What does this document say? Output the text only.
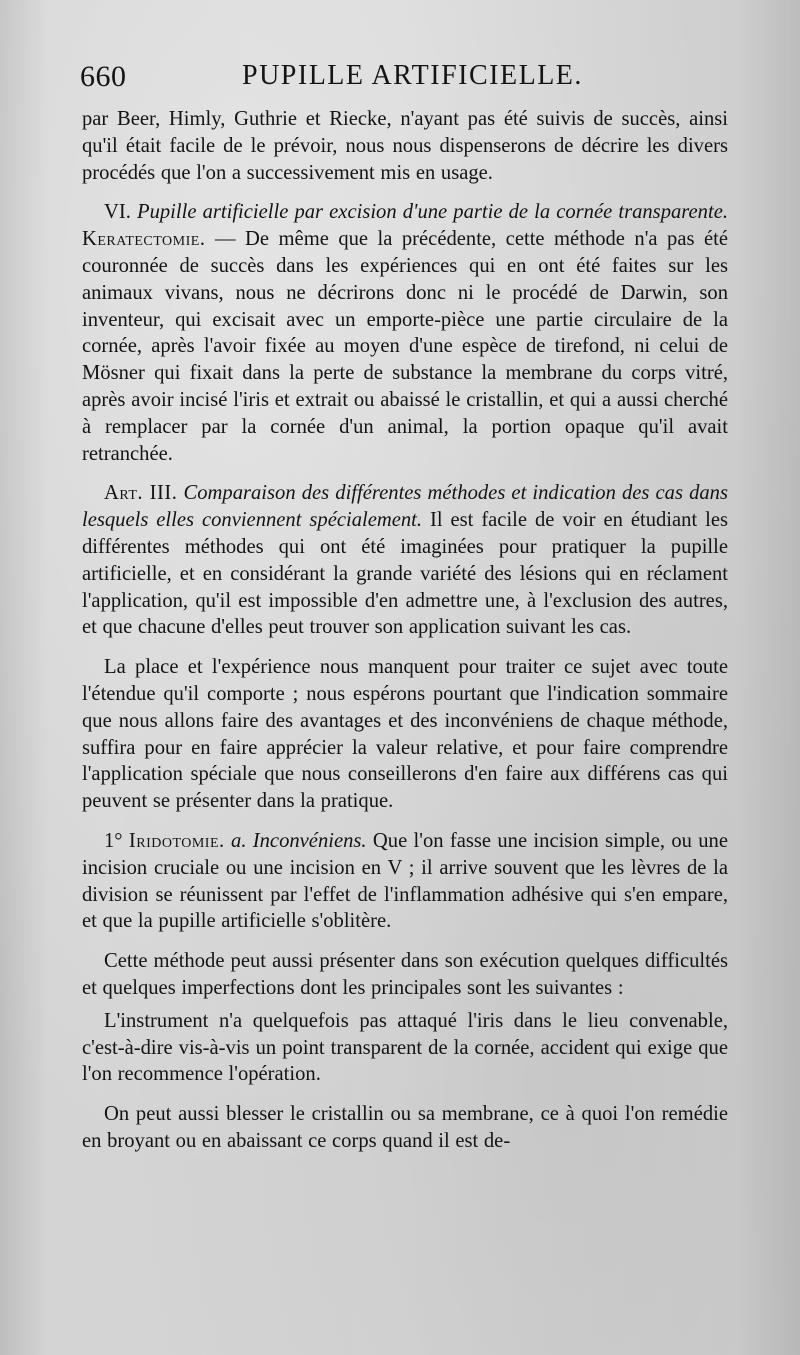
660	PUPILLE ARTIFICIELLE.

par Beer, Himly, Guthrie et Riecke, n'ayant pas été suivis de succès, ainsi qu'il était facile de le prévoir, nous nous dispenserons de décrire les divers procédés que l'on a successivement mis en usage.

VI. Pupille artificielle par excision d'une partie de la cornée transparente. Keratectomie. — De même que la précédente, cette méthode n'a pas été couronnée de succès dans les expériences qui en ont été faites sur les animaux vivans, nous ne décrirons donc ni le procédé de Darwin, son inventeur, qui excisait avec un emporte-pièce une partie circulaire de la cornée, après l'avoir fixée au moyen d'une espèce de tirefond, ni celui de Mösner qui fixait dans la perte de substance la membrane du corps vitré, après avoir incisé l'iris et extrait ou abaissé le cristallin, et qui a aussi cherché à remplacer par la cornée d'un animal, la portion opaque qu'il avait retranchée.

Art. III. Comparaison des différentes méthodes et indication des cas dans lesquels elles conviennent spécialement. Il est facile de voir en étudiant les différentes méthodes qui ont été imaginées pour pratiquer la pupille artificielle, et en considérant la grande variété des lésions qui en réclament l'application, qu'il est impossible d'en admettre une, à l'exclusion des autres, et que chacune d'elles peut trouver son application suivant les cas.

La place et l'expérience nous manquent pour traiter ce sujet avec toute l'étendue qu'il comporte ; nous espérons pourtant que l'indication sommaire que nous allons faire des avantages et des inconvéniens de chaque méthode, suffira pour en faire apprécier la valeur relative, et pour faire comprendre l'application spéciale que nous conseillerons d'en faire aux différens cas qui peuvent se présenter dans la pratique.

1° Iridotomie. a. Inconvéniens. Que l'on fasse une incision simple, ou une incision cruciale ou une incision en V ; il arrive souvent que les lèvres de la division se réunissent par l'effet de l'inflammation adhésive qui s'en empare, et que la pupille artificielle s'oblitère.

Cette méthode peut aussi présenter dans son exécution quelques difficultés et quelques imperfections dont les principales sont les suivantes :

L'instrument n'a quelquefois pas attaqué l'iris dans le lieu convenable, c'est-à-dire vis-à-vis un point transparent de la cornée, accident qui exige que l'on recommence l'opération.

On peut aussi blesser le cristallin ou sa membrane, ce à quoi l'on remédie en broyant ou en abaissant ce corps quand il est de-
